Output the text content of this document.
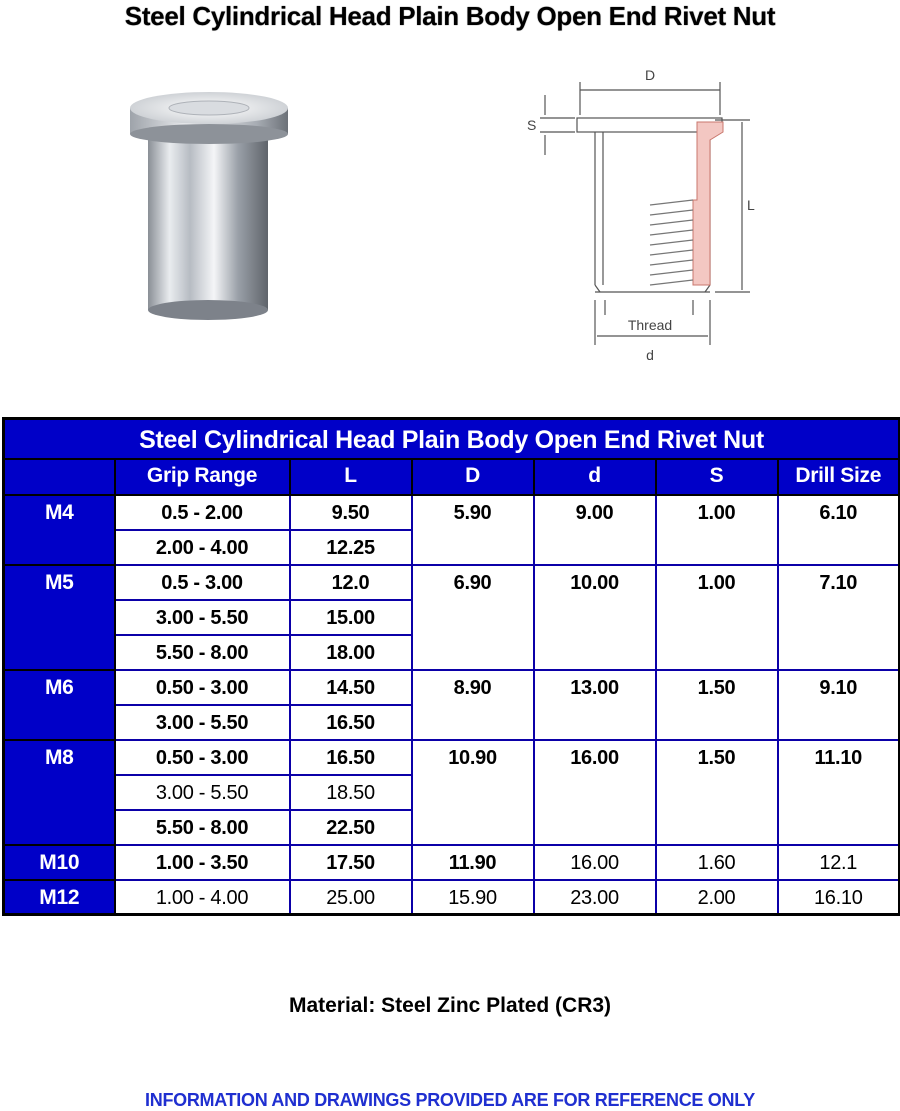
Steel Cylindrical Head Plain Body Open End Rivet Nut
D
S
L
Thread
d
Steel Cylindrical Head Plain Body Open End Rivet Nut						
	Grip Range	L	D	d	S	Drill Size
M4	0.5 - 2.00	9.50	5.90	9.00	1.00	6.10
	2.00 - 4.00	12.25				
M5	0.5 - 3.00	12.0	6.90	10.00	1.00	7.10
	3.00 - 5.50	15.00				
	5.50 - 8.00	18.00				
M6	0.50 - 3.00	14.50	8.90	13.00	1.50	9.10
	3.00 - 5.50	16.50				
M8	0.50 - 3.00	16.50	10.90	16.00	1.50	11.10
	3.00 - 5.50	18.50				
	5.50 - 8.00	22.50				
M10	1.00 - 3.50	17.50	11.90	16.00	1.60	12.1
M12	1.00 - 4.00	25.00	15.90	23.00	2.00	16.10
Material: Steel Zinc Plated (CR3)
INFORMATION AND DRAWINGS PROVIDED ARE FOR REFERENCE ONLY
